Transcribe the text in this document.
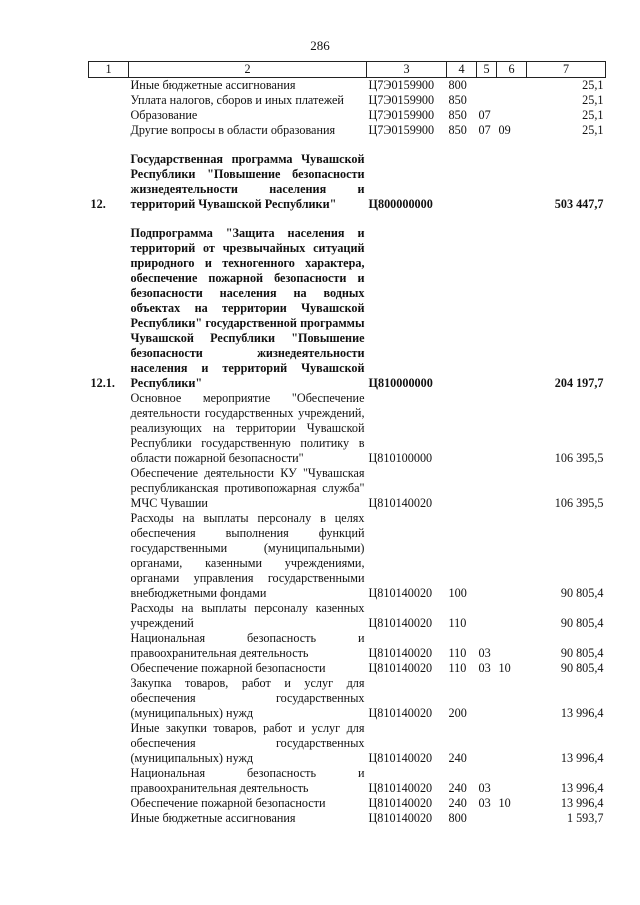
286
1	2	3	4	5	6	7
	Иные бюджетные ассигнования	Ц7Э0159900	800			25,1
	Уплата налогов, сборов и иных платежей	Ц7Э0159900	850			25,1
	Образование	Ц7Э0159900	850	07		25,1
	Другие вопросы в области образования	Ц7Э0159900	850	07	09	25,1

12.	Государственная программа Чувашской Республики "Повышение безопасности жизнедеятельности населения и территорий Чувашской Республики"	Ц800000000				503 447,7

12.1.	Подпрограмма "Защита населения и территорий от чрезвычайных ситуаций природного и техногенного характера, обеспечение пожарной безопасности и безопасности населения на водных объектах на территории Чувашской Республики" государственной программы Чувашской Республики "Повышение безопасности жизнедеятельности населения и территорий Чувашской Республики"	Ц810000000				204 197,7
	Основное мероприятие "Обеспечение деятельности государственных учреждений, реализующих на территории Чувашской Республики государственную политику в области пожарной безопасности"	Ц810100000				106 395,5
	Обеспечение деятельности КУ "Чувашская республиканская противопожарная служба" МЧС Чувашии	Ц810140020				106 395,5
	Расходы на выплаты персоналу в целях обеспечения выполнения функций государственными (муниципальными) органами, казенными учреждениями, органами управления государственными внебюджетными фондами	Ц810140020	100			90 805,4
	Расходы на выплаты персоналу казенных учреждений	Ц810140020	110			90 805,4
	Национальная безопасность и правоохранительная деятельность	Ц810140020	110	03		90 805,4
	Обеспечение пожарной безопасности	Ц810140020	110	03	10	90 805,4
	Закупка товаров, работ и услуг для обеспечения государственных (муниципальных) нужд	Ц810140020	200			13 996,4
	Иные закупки товаров, работ и услуг для обеспечения государственных (муниципальных) нужд	Ц810140020	240			13 996,4
	Национальная безопасность и правоохранительная деятельность	Ц810140020	240	03		13 996,4
	Обеспечение пожарной безопасности	Ц810140020	240	03	10	13 996,4
	Иные бюджетные ассигнования	Ц810140020	800			1 593,7
